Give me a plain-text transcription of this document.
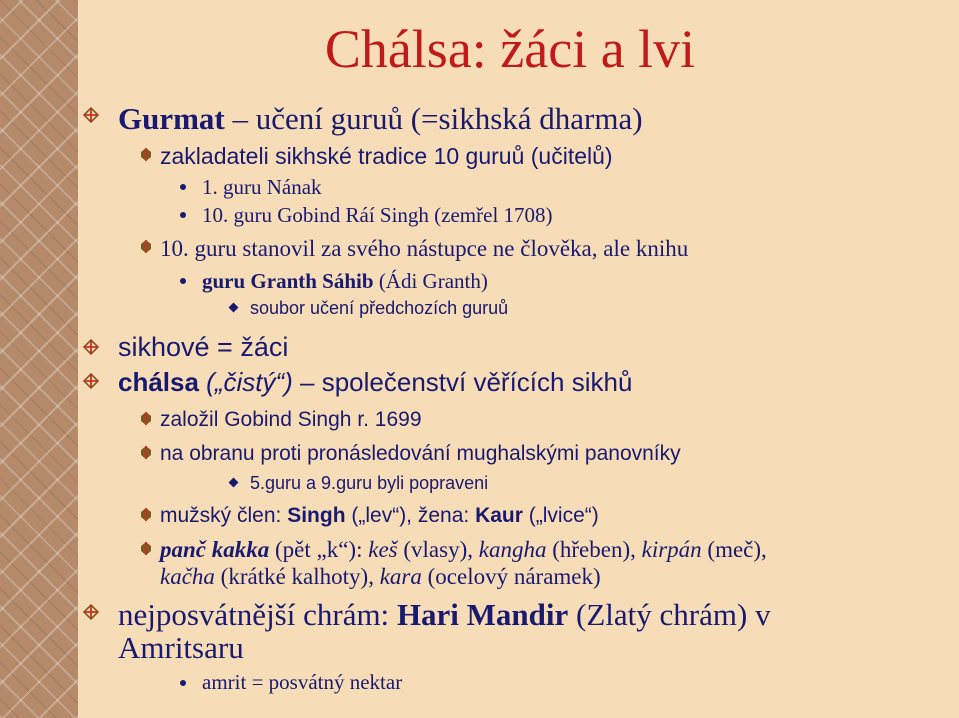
Chálsa: žáci a lvi
Gurmat – učení guruů (=sikhská dharma)
zakladateli sikhské tradice 10 guruů (učitelů)
1. guru Nának
10. guru Gobind Ráí Singh (zemřel 1708)
10. guru stanovil za svého nástupce ne člověka, ale knihu
guru Granth Sáhib (Ádi Granth)
soubor učení předchozích guruů
sikhové = žáci
chálsa („čistý“) – společenství věřících sikhů
založil Gobind Singh r. 1699
na obranu proti pronásledování mughalskými panovníky
5.guru a 9.guru byli popraveni
mužský člen: Singh („lev“), žena: Kaur („lvice“)
panč kakka (pět „k“): keš (vlasy), kangha (hřeben), kirpán (meč),
kačha (krátké kalhoty), kara (ocelový náramek)
nejposvátnější chrám: Hari Mandir (Zlatý chrám) v
Amritsaru
amrit = posvátný nektar
